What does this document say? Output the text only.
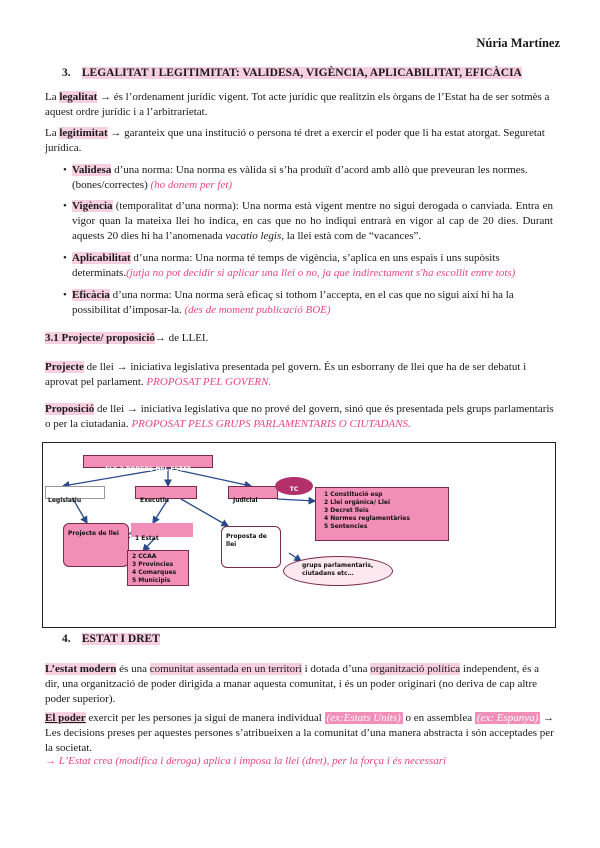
Núria Martínez
3. LEGALITAT I LEGITIMITAT: VALIDESA, VIGÈNCIA, APLICABILITAT, EFICÀCIA
La legalitat → és l’ordenament jurídic vigent. Tot acte jurídic que realitzin els òrgans de l’Estat ha de ser sotmès a aquest ordre jurídic i a l’arbitrarietat.
La legitimitat → garanteix que una institució o persona té dret a exercir el poder que li ha estat atorgat. Seguretat jurídica.
• Validesa d’una norma: Una norma es vàlida si s’ha produït d’acord amb allò que preveuran les normes. (bones/correctes) (ho donem per fet)
• Vigència (temporalitat d’una norma): Una norma està vigent mentre no sigui derogada o canviada. Entra en vigor quan la mateixa llei ho indica, en cas que no ho indiqui entrarà en vigor al cap de 20 dies. Durant aquests 20 dies hi ha l’anomenada vacatio legis, la llei està com de “vacances”.
• Aplicabilitat d’una norma: Una norma té temps de vigència, s’aplica en uns espais i uns supòsits determinats.(jutja no pot decidir si aplicar una llei o no, ja que indirectament s'ha escollit entre tots)
• Eficàcia d’una norma: Una norma serà eficaç si tothom l’accepta, en el cas que no sigui així hi ha la possibilitat d’imposar-la. (des de moment publicació BOE)
3.1 Projecte/ proposició→ de LLEI.
Projecte de llei → iniciativa legislativa presentada pel govern. És un esborrany de llei que ha de ser debatut i aprovat pel parlament. PROPOSAT PEL GOVERN.
Proposició de llei → iniciativa legislativa que no prové del govern, sinó que és presentada pels grups parlamentaris o per la ciutadania. PROPOSAT PELS GRUPS PARLAMENTARIS O CIUTADANS.
ELS 3 PODERS DEL ESTAT
Legislatiu	Executiu	Judicial
TC
Projecte de llei
1 Estat
2 CCAA
3 Provincies
4 Comarques
5 Municipis
Proposta de llei
1 Constitució esp
2 Llei orgànica/ Llei
3 Decret lleis
4 Normes reglamentàries
5 Sentencies
grups parlamentaris, ciutadans etc…
4. ESTAT I DRET
L’estat modern és una comunitat assentada en un territori i dotada d’una organització política independent, és a dir, una organització de poder dirigida a manar aquesta comunitat, i és un poder originari (no deriva de cap altre poder superior).
El poder exercit per les persones ja sigui de manera individual (ex:Estats Units) o en assemblea (ex: Espanya) → Les decisions preses per aquestes persones s’atribueixen a la comunitat d’una manera abstracta i són acceptades per la societat.
→ L’Estat crea (modifica i deroga) aplica i imposa la llei (dret), per la força i és necessari
